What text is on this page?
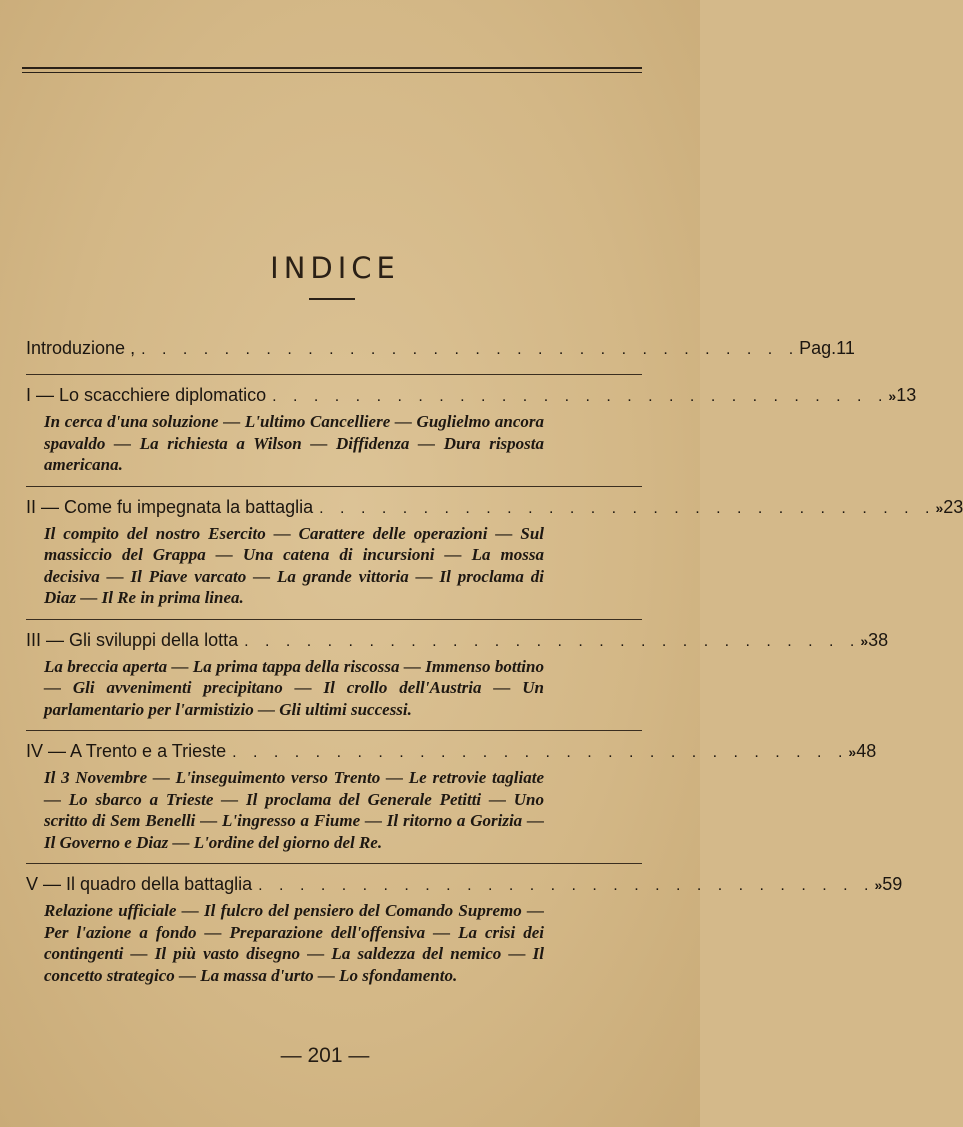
INDICE
Introduzione , . . . . . . . . . . . . . . . . . . . . . . . . . . . . . . . . Pag. 11
I — Lo scacchiere diplomatico . . . . . . . . . . . . . . . . . . . . . . . . . . . . . . » 13
In cerca d'una soluzione — L'ultimo Cancelliere — Guglielmo ancora spavaldo — La richiesta a Wilson — Diffidenza — Dura risposta americana.
II — Come fu impegnata la battaglia . . . . . . . . . . . . . . . . . . . . . . . . . . . . . . » 23
Il compito del nostro Esercito — Carattere delle operazioni — Sul massiccio del Grappa — Una catena di incursioni — La mossa decisiva — Il Piave varcato — La grande vittoria — Il proclama di Diaz — Il Re in prima linea.
III — Gli sviluppi della lotta . . . . . . . . . . . . . . . . . . . . . . . . . . . . . . » 38
La breccia aperta — La prima tappa della riscossa — Immenso bottino — Gli avvenimenti precipitano — Il crollo dell'Austria — Un parlamentario per l'armistizio — Gli ultimi successi.
IV — A Trento e a Trieste . . . . . . . . . . . . . . . . . . . . . . . . . . . . . . » 48
Il 3 Novembre — L'inseguimento verso Trento — Le retrovie tagliate — Lo sbarco a Trieste — Il proclama del Generale Petitti — Uno scritto di Sem Benelli — L'ingresso a Fiume — Il ritorno a Gorizia — Il Governo e Diaz — L'ordine del giorno del Re.
V — Il quadro della battaglia . . . . . . . . . . . . . . . . . . . . . . . . . . . . . . » 59
Relazione ufficiale — Il fulcro del pensiero del Comando Supremo — Per l'azione a fondo — Preparazione dell'offensiva — La crisi dei contingenti — Il più vasto disegno — La saldezza del nemico — Il concetto strategico — La massa d'urto — Lo sfondamento.
— 201 —
